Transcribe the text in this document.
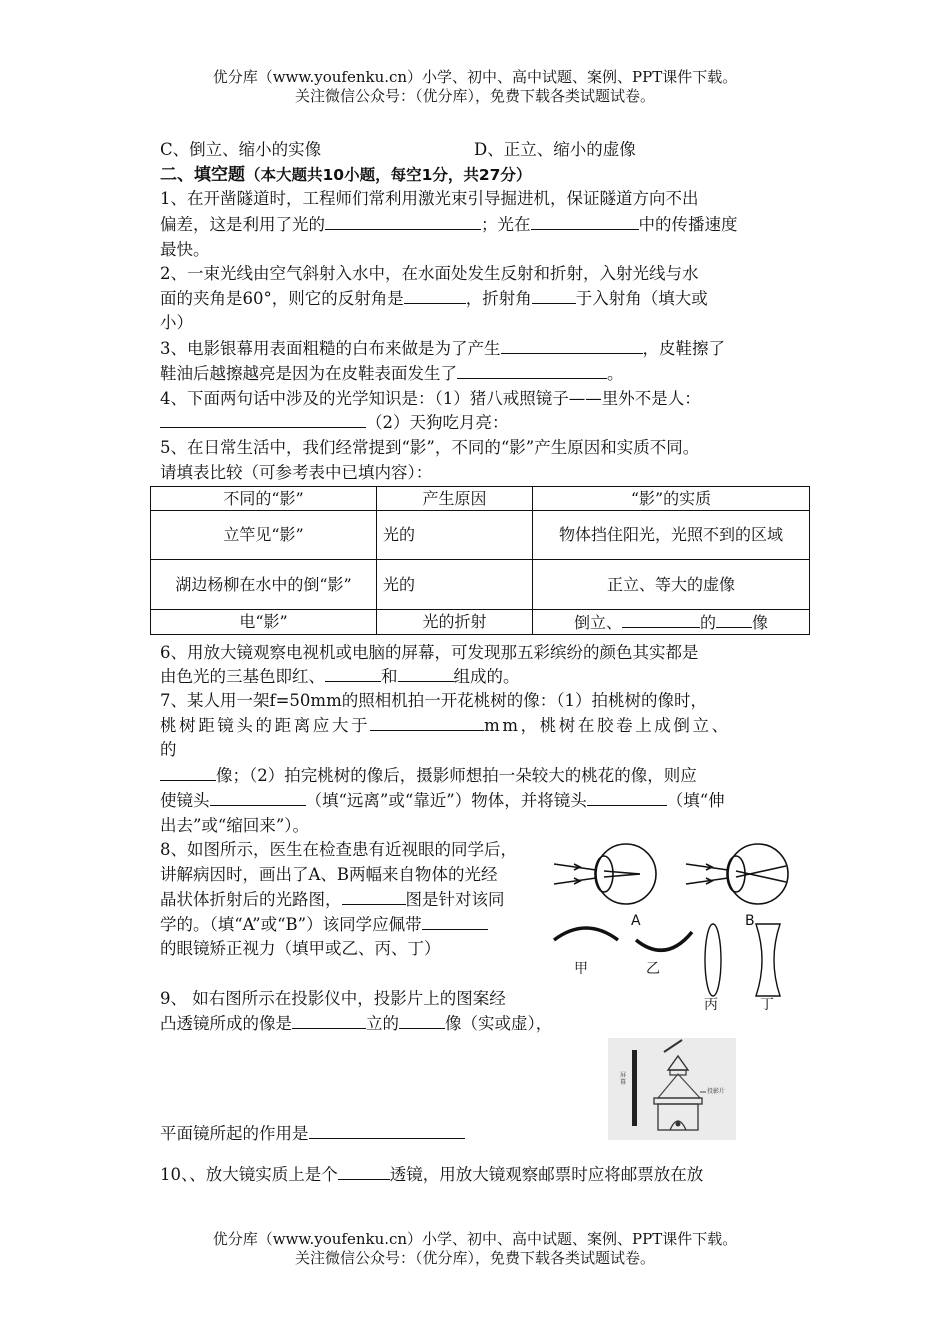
优分库（www.youfenku.cn）小学、初中、高中试题、案例、PPT课件下载。
关注微信公众号：（优分库），免费下载各类试题试卷。
C、倒立、缩小的实像	D、正立、缩小的虚像
二、填空题（本大题共10小题，每空1分，共27分）
1、在开凿隧道时，工程师们常利用激光束引导掘进机，保证隧道方向不出
偏差，这是利用了光的	；光在	中的传播速度
最快。
2、一束光线由空气斜射入水中，在水面处发生反射和折射，入射光线与水
面的夹角是60°，则它的反射角是	，折射角	于入射角（填大或
小）
3、电影银幕用表面粗糙的白布来做是为了产生	，皮鞋擦了
鞋油后越擦越亮是因为在皮鞋表面发生了	。
4、下面两句话中涉及的光学知识是：（1）猪八戒照镜子——里外不是人：
（2）天狗吃月亮：
5、在日常生活中，我们经常提到“影”，不同的“影”产生原因和实质不同。
请填表比较（可参考表中已填内容）：
不同的“影”	产生原因	“影”的实质
立竿见“影”	光的	物体挡住阳光，光照不到的区域
湖边杨柳在水中的倒“影”	光的	正立、等大的虚像
电“影”	光的折射	倒立、 的 像
6、用放大镜观察电视机或电脑的屏幕，可发现那五彩缤纷的颜色其实都是
由色光的三基色即红、	和	组成的。
7、某人用一架f=50mm的照相机拍一开花桃树的像：（1）拍桃树的像时，
桃树距镜头的距离应大于	mm，桃树在胶卷上成倒立、
的
像；（2）拍完桃树的像后，摄影师想拍一朵较大的桃花的像，则应
使镜头	（填“远离”或“靠近”）物体，并将镜头	（填“伸
出去”或“缩回来”）。
8、如图所示，医生在检查患有近视眼的同学后，
讲解病因时，画出了A、B两幅来自物体的光经
晶状体折射后的光路图，	图是针对该同
学的。（填“A”或“B”）该同学应佩带
的眼镜矫正视力（填甲或乙、丙、丁）
A	B
甲	乙
丙	丁
9、 如右图所示在投影仪中，投影片上的图案经
凸透镜所成的像是	立的	像（实或虚），
平面镜所起的作用是
屏幕
投影片
10、、放大镜实质上是个	透镜，用放大镜观察邮票时应将邮票放在放
优分库（www.youfenku.cn）小学、初中、高中试题、案例、PPT课件下载。
关注微信公众号：（优分库），免费下载各类试题试卷。
